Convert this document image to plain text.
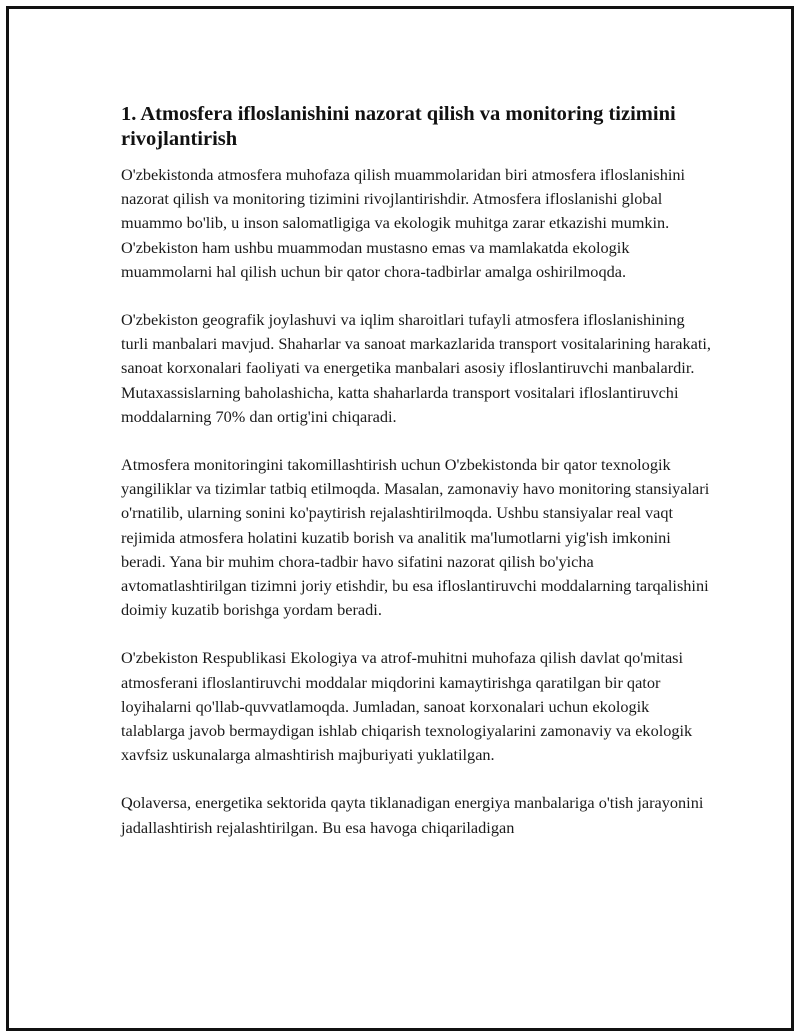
1. Atmosfera ifloslanishini nazorat qilish va monitoring tizimini rivojlantirish

O'zbekistonda atmosfera muhofaza qilish muammolaridan biri atmosfera ifloslanishini nazorat qilish va monitoring tizimini rivojlantirishdir. Atmosfera ifloslanishi global muammo bo'lib, u inson salomatligiga va ekologik muhitga zarar etkazishi mumkin. O'zbekiston ham ushbu muammodan mustasno emas va mamlakatda ekologik muammolarni hal qilish uchun bir qator chora-tadbirlar amalga oshirilmoqda.

O'zbekiston geografik joylashuvi va iqlim sharoitlari tufayli atmosfera ifloslanishining turli manbalari mavjud. Shaharlar va sanoat markazlarida transport vositalarining harakati, sanoat korxonalari faoliyati va energetika manbalari asosiy ifloslantiruvchi manbalardir. Mutaxassislarning baholashicha, katta shaharlarda transport vositalari ifloslantiruvchi moddalarning 70% dan ortig'ini chiqaradi.

Atmosfera monitoringini takomillashtirish uchun O'zbekistonda bir qator texnologik yangiliklar va tizimlar tatbiq etilmoqda. Masalan, zamonaviy havo monitoring stansiyalari o'rnatilib, ularning sonini ko'paytirish rejalashtirilmoqda. Ushbu stansiyalar real vaqt rejimida atmosfera holatini kuzatib borish va analitik ma'lumotlarni yig'ish imkonini beradi. Yana bir muhim chora-tadbir havo sifatini nazorat qilish bo'yicha avtomatlashtirilgan tizimni joriy etishdir, bu esa ifloslantiruvchi moddalarning tarqalishini doimiy kuzatib borishga yordam beradi.

O'zbekiston Respublikasi Ekologiya va atrof-muhitni muhofaza qilish davlat qo'mitasi atmosferani ifloslantiruvchi moddalar miqdorini kamaytirishga qaratilgan bir qator loyihalarni qo'llab-quvvatlamoqda. Jumladan, sanoat korxonalari uchun ekologik talablarga javob bermaydigan ishlab chiqarish texnologiyalarini zamonaviy va ekologik xavfsiz uskunalarga almashtirish majburiyati yuklatilgan.

Qolaversa, energetika sektorida qayta tiklanadigan energiya manbalariga o'tish jarayonini jadallashtirish rejalashtirilgan. Bu esa havoga chiqariladigan
